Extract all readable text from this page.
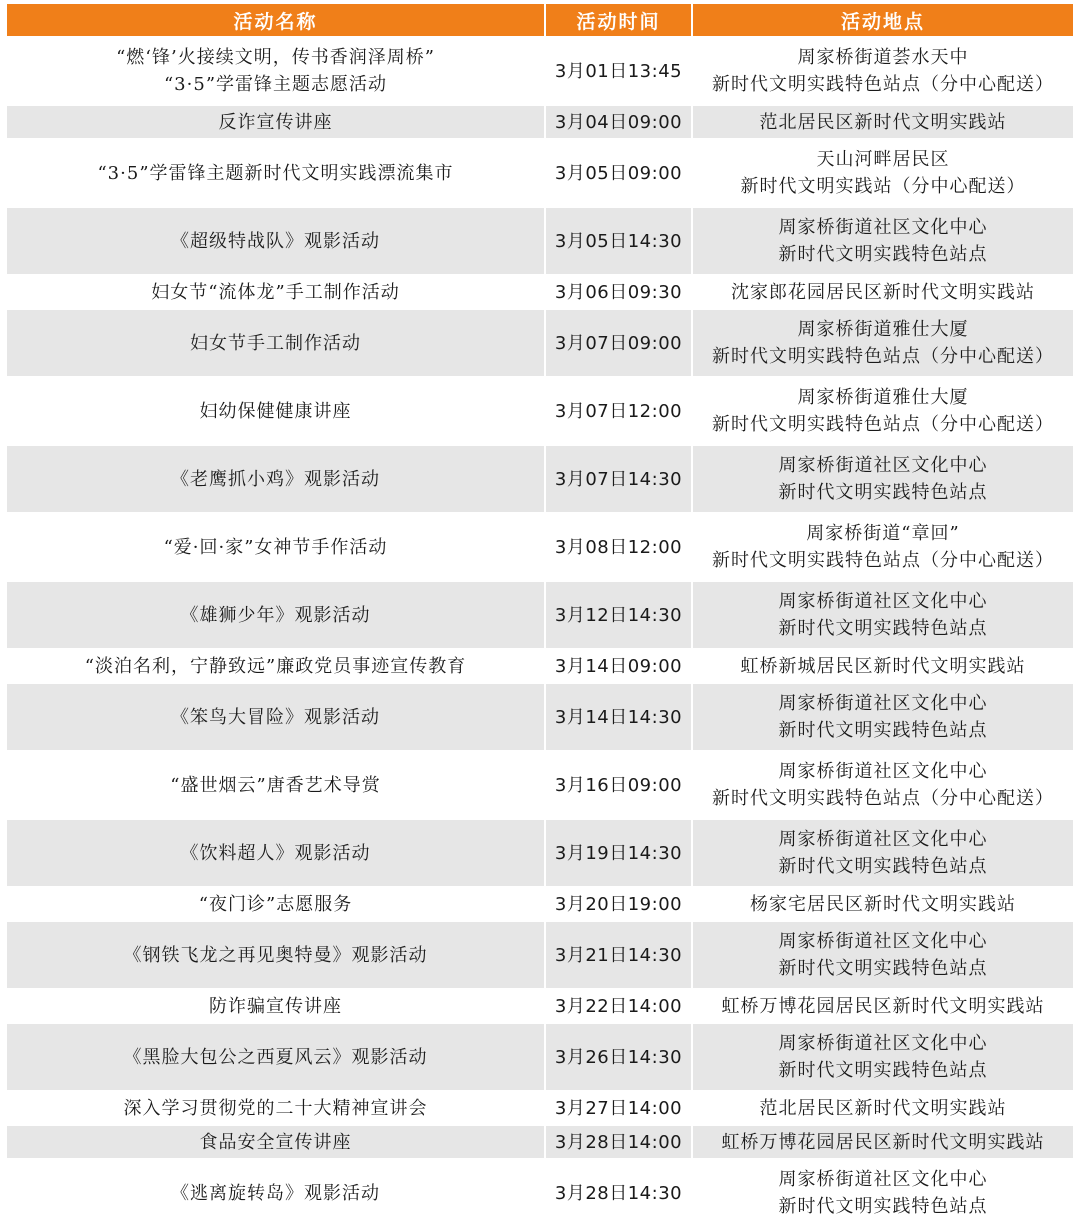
活动名称	活动时间	活动地点

“燃‘锋’火接续文明，传书香润泽周桥”
“3·5”学雷锋主题志愿活动	3月01日13:45	周家桥街道荟水天中
新时代文明实践特色站点（分中心配送）

反诈宣传讲座	3月04日09:00	范北居民区新时代文明实践站

“3·5”学雷锋主题新时代文明实践漂流集市	3月05日09:00	天山河畔居民区
新时代文明实践站（分中心配送）

《超级特战队》观影活动	3月05日14:30	周家桥街道社区文化中心
新时代文明实践特色站点

妇女节“流体龙”手工制作活动	3月06日09:30	沈家郎花园居民区新时代文明实践站

妇女节手工制作活动	3月07日09:00	周家桥街道雅仕大厦
新时代文明实践特色站点（分中心配送）

妇幼保健健康讲座	3月07日12:00	周家桥街道雅仕大厦
新时代文明实践特色站点（分中心配送）

《老鹰抓小鸡》观影活动	3月07日14:30	周家桥街道社区文化中心
新时代文明实践特色站点

“爱·回·家”女神节手作活动	3月08日12:00	周家桥街道“章回”
新时代文明实践特色站点（分中心配送）

《雄狮少年》观影活动	3月12日14:30	周家桥街道社区文化中心
新时代文明实践特色站点

“淡泊名利，宁静致远”廉政党员事迹宣传教育	3月14日09:00	虹桥新城居民区新时代文明实践站

《笨鸟大冒险》观影活动	3月14日14:30	周家桥街道社区文化中心
新时代文明实践特色站点

“盛世烟云”唐香艺术导赏	3月16日09:00	周家桥街道社区文化中心
新时代文明实践特色站点（分中心配送）

《饮料超人》观影活动	3月19日14:30	周家桥街道社区文化中心
新时代文明实践特色站点

“夜门诊”志愿服务	3月20日19:00	杨家宅居民区新时代文明实践站

《钢铁飞龙之再见奥特曼》观影活动	3月21日14:30	周家桥街道社区文化中心
新时代文明实践特色站点

防诈骗宣传讲座	3月22日14:00	虹桥万博花园居民区新时代文明实践站

《黑脸大包公之西夏风云》观影活动	3月26日14:30	周家桥街道社区文化中心
新时代文明实践特色站点

深入学习贯彻党的二十大精神宣讲会	3月27日14:00	范北居民区新时代文明实践站

食品安全宣传讲座	3月28日14:00	虹桥万博花园居民区新时代文明实践站

《逃离旋转岛》观影活动	3月28日14:30	周家桥街道社区文化中心
新时代文明实践特色站点
